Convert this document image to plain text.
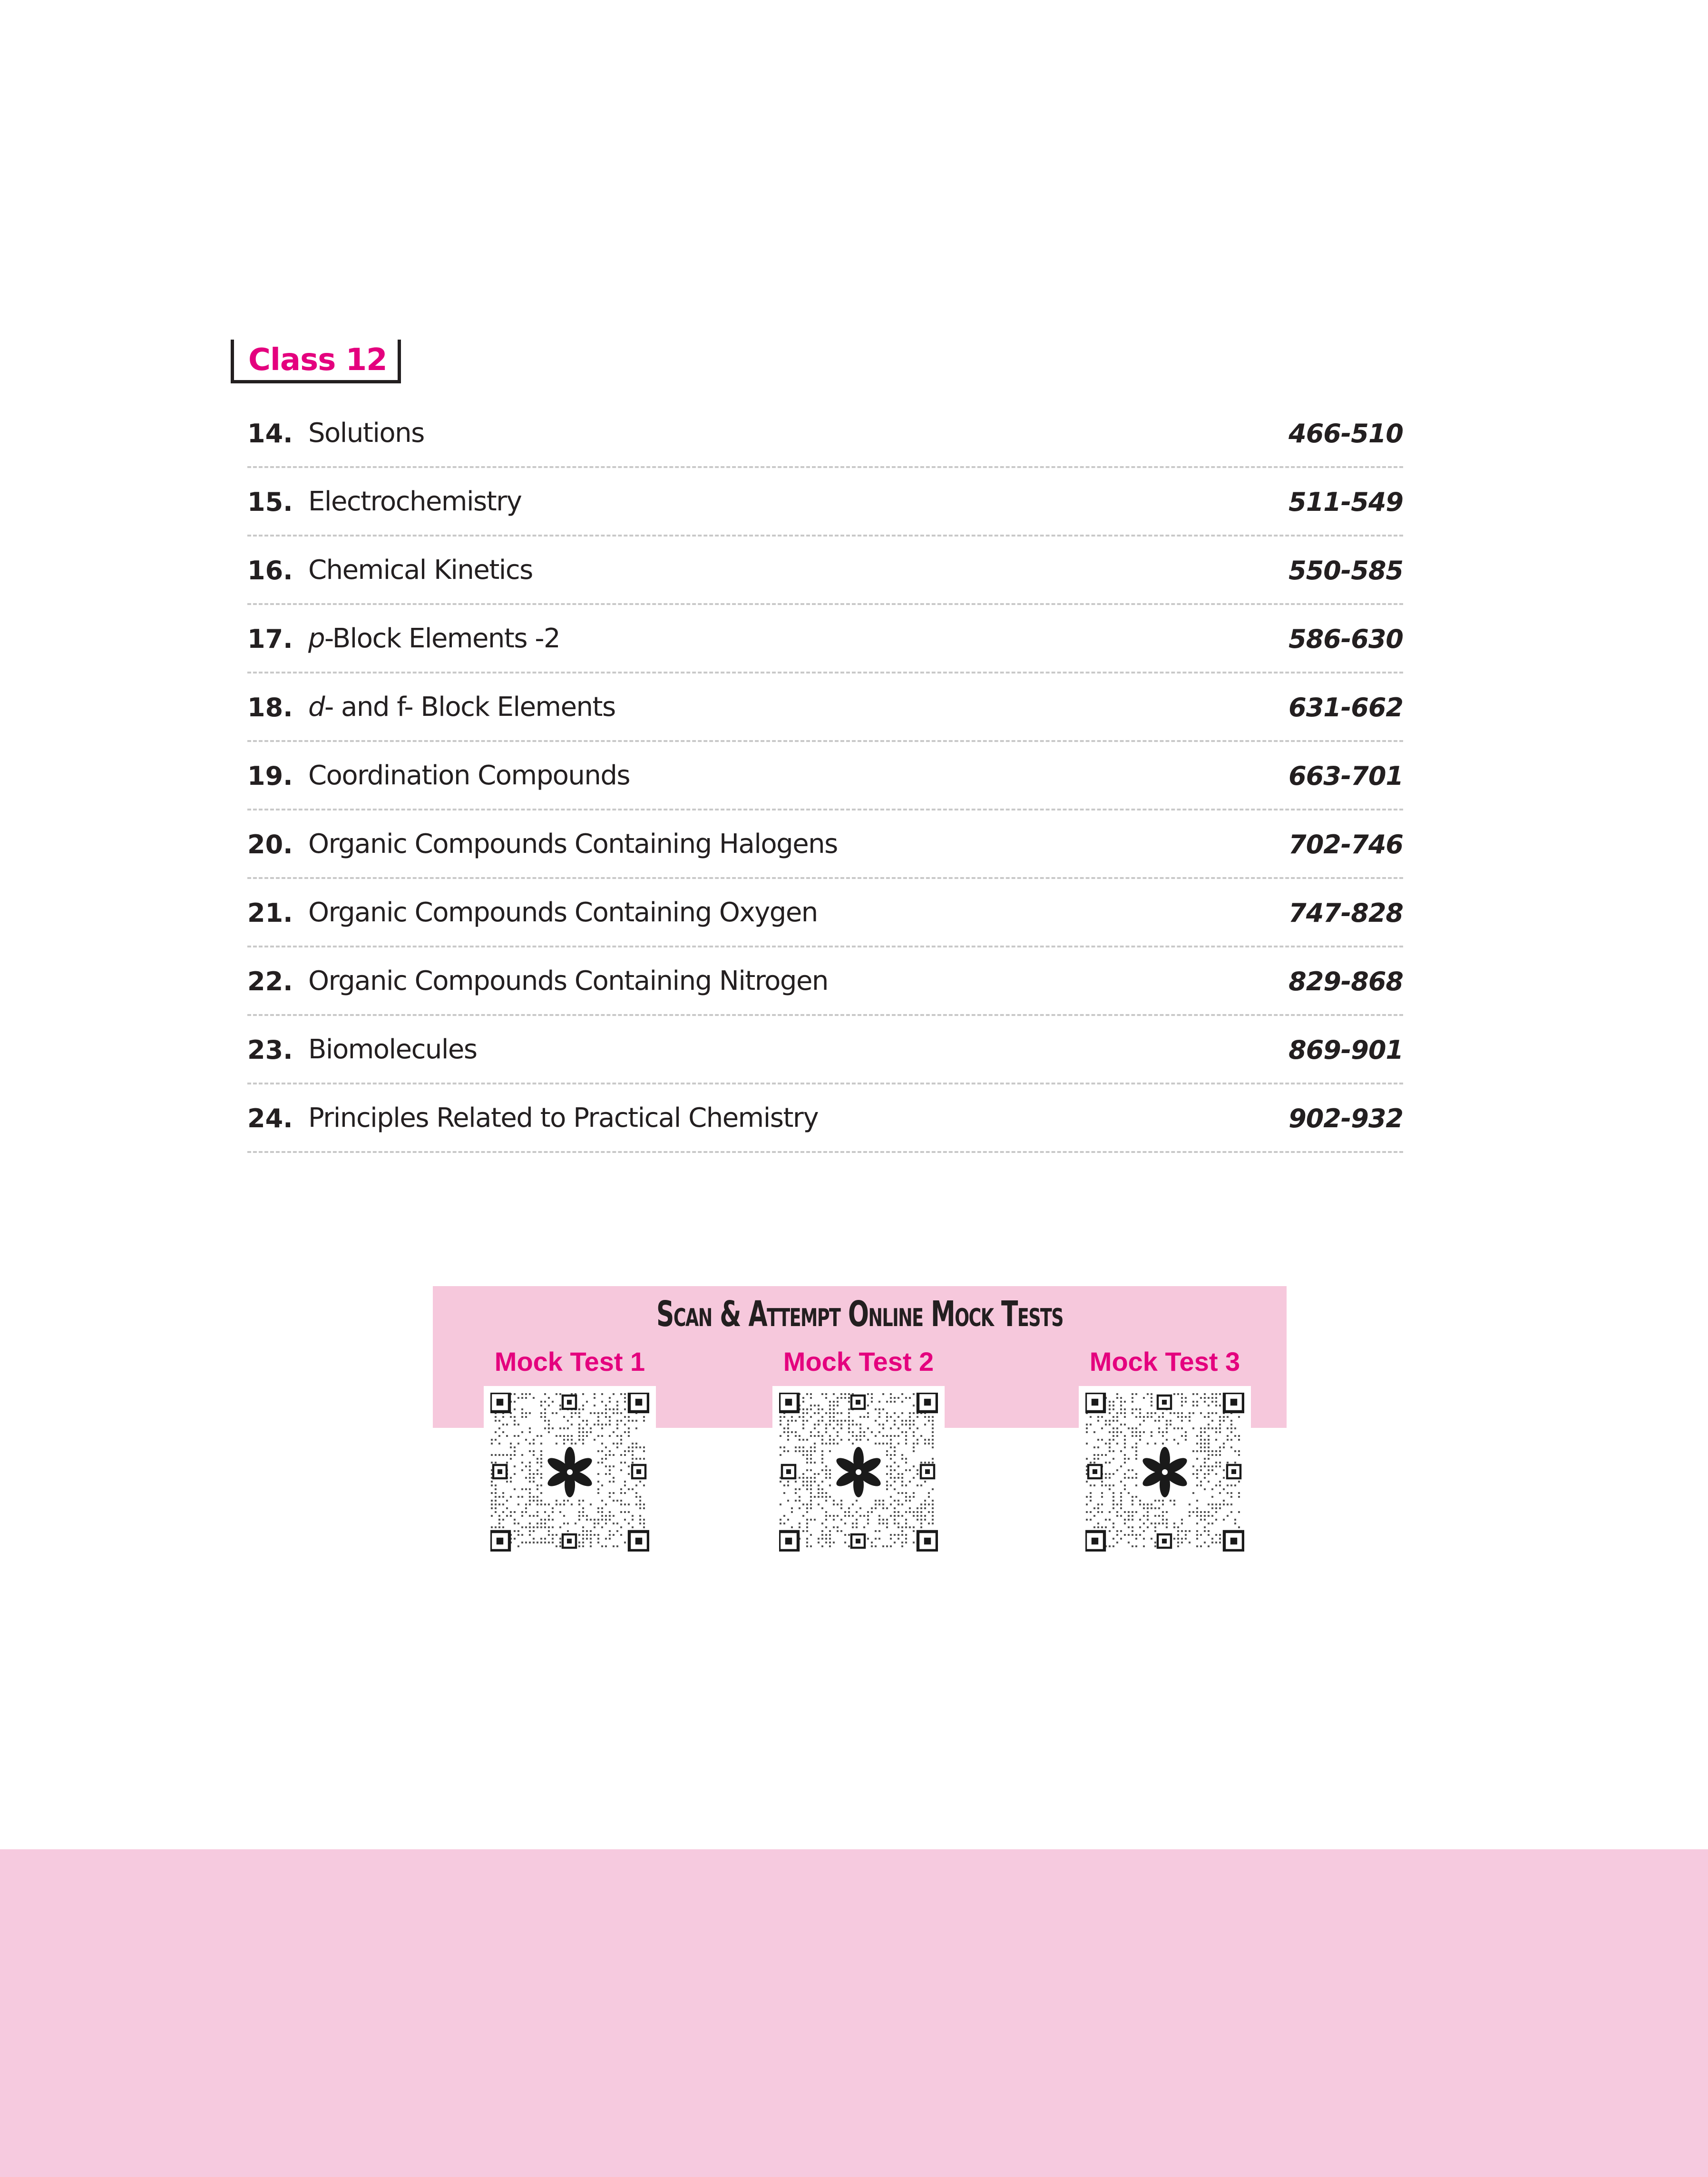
Class 12
14. Solutions	466-510
15. Electrochemistry	511-549
16. Chemical Kinetics	550-585
17. p-Block Elements -2	586-630
18. d- and f- Block Elements	631-662
19. Coordination Compounds	663-701
20. Organic Compounds Containing Halogens	702-746
21. Organic Compounds Containing Oxygen	747-828
22. Organic Compounds Containing Nitrogen	829-868
23. Biomolecules	869-901
24. Principles Related to Practical Chemistry	902-932
Scan & Attempt Online Mock Tests
Mock Test 1	Mock Test 2	Mock Test 3
